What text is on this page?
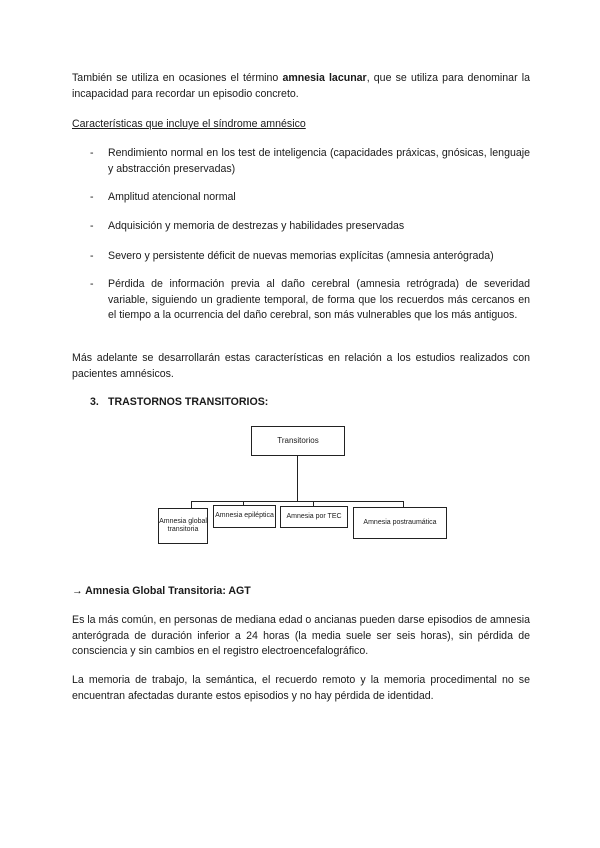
También se utiliza en ocasiones el término amnesia lacunar, que se utiliza para denominar la incapacidad para recordar un episodio concreto.
Características que incluye el síndrome amnésico
- Rendimiento normal en los test de inteligencia (capacidades práxicas, gnósicas, lenguaje y abstracción preservadas)
- Amplitud atencional normal
- Adquisición y memoria de destrezas y habilidades preservadas
- Severo y persistente déficit de nuevas memorias explícitas (amnesia anterógrada)
- Pérdida de información previa al daño cerebral (amnesia retrógrada) de severidad variable, siguiendo un gradiente temporal, de forma que los recuerdos más cercanos en el tiempo a la ocurrencia del daño cerebral, son más vulnerables que los más antiguos.
Más adelante se desarrollarán estas características en relación a los estudios realizados con pacientes amnésicos.
3. TRASTORNOS TRANSITORIOS:
Transitorios
Amnesia global transitoria
Amnesia epiléptica	Amnesia por TEC
Amnesia postraumática
→ Amnesia Global Transitoria: AGT
Es la más común, en personas de mediana edad o ancianas pueden darse episodios de amnesia anterógrada de duración inferior a 24 horas (la media suele ser seis horas), sin pérdida de consciencia y sin cambios en el registro electroencefalográfico.
La memoria de trabajo, la semántica, el recuerdo remoto y la memoria procedimental no se encuentran afectadas durante estos episodios y no hay pérdida de identidad.
